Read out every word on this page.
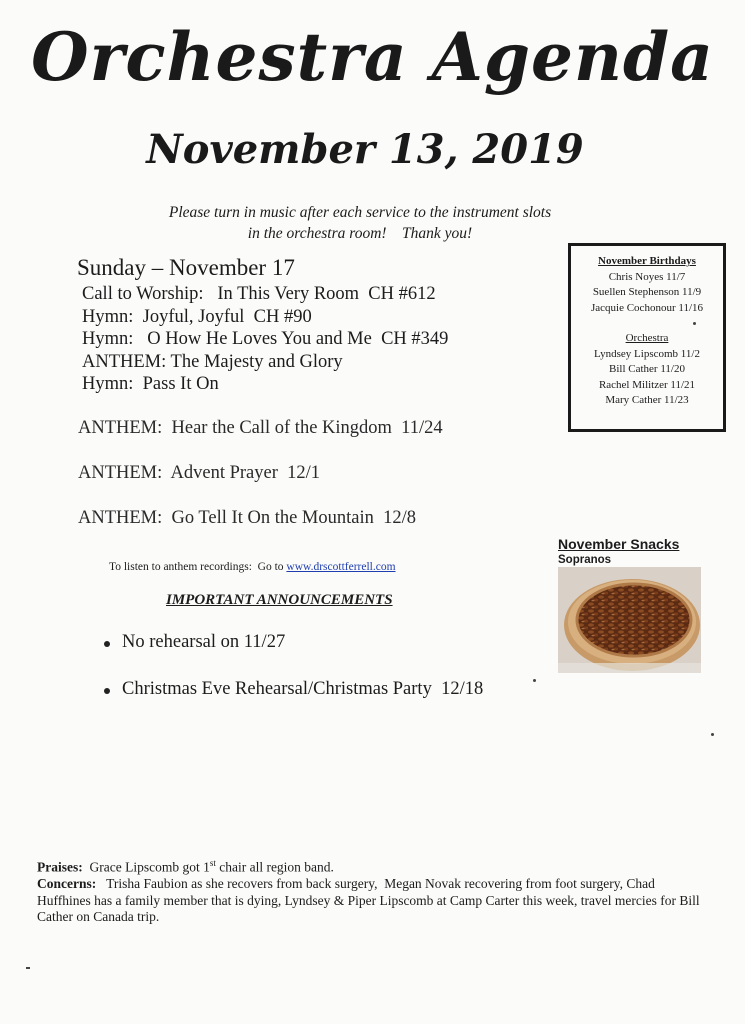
Orchestra Agenda
November 13, 2019
Please turn in music after each service to the instrument slots
in the orchestra room!    Thank you!
Sunday – November 17
Call to Worship:   In This Very Room  CH #612
Hymn:  Joyful, Joyful  CH #90
Hymn:   O How He Loves You and Me  CH #349
ANTHEM: The Majesty and Glory
Hymn:  Pass It On
ANTHEM:  Hear the Call of the Kingdom  11/24
ANTHEM:  Advent Prayer  12/1
ANTHEM:  Go Tell It On the Mountain  12/8
To listen to anthem recordings:  Go to www.drscottferrell.com
IMPORTANT ANNOUNCEMENTS
No rehearsal on 11/27
Christmas Eve Rehearsal/Christmas Party  12/18
November Birthdays
Chris Noyes 11/7
Suellen Stephenson 11/9
Jacquie Cochonour 11/16
Orchestra
Lyndsey Lipscomb 11/2
Bill Cather 11/20
Rachel Militzer 11/21
Mary Cather 11/23
November Snacks
Sopranos
Praises:  Grace Lipscomb got 1st chair all region band.
Concerns:   Trisha Faubion as she recovers from back surgery,  Megan Novak recovering from foot surgery, Chad Huffhines has a family member that is dying, Lyndsey & Piper Lipscomb at Camp Carter this week, travel mercies for Bill Cather on Canada trip.
